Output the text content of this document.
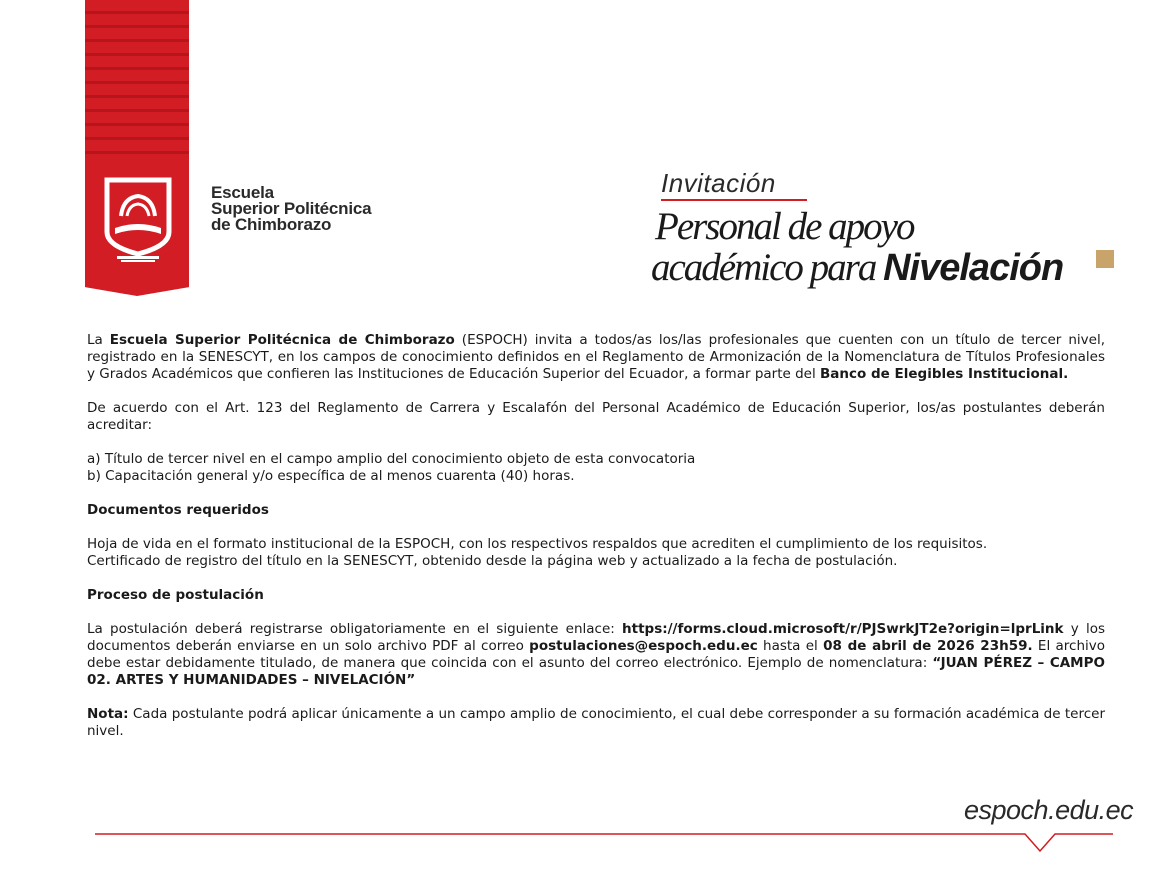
Escuela
Superior Politécnica
de Chimborazo
Invitación
Personal de apoyo
académico para Nivelación

La Escuela Superior Politécnica de Chimborazo (ESPOCH) invita a todos/as los/las profesionales que cuenten con un título de tercer nivel, registrado en la SENESCYT, en los campos de conocimiento definidos en el Reglamento de Armonización de la Nomenclatura de Títulos Profesionales y Grados Académicos que confieren las Instituciones de Educación Superior del Ecuador, a formar parte del Banco de Elegibles Institucional.

De acuerdo con el Art. 123 del Reglamento de Carrera y Escalafón del Personal Académico de Educación Superior, los/as postulantes deberán acreditar:

a) Título de tercer nivel en el campo amplio del conocimiento objeto de esta convocatoria

b) Capacitación general y/o específica de al menos cuarenta (40) horas.

Documentos requeridos

Hoja de vida en el formato institucional de la ESPOCH, con los respectivos respaldos que acrediten el cumplimiento de los requisitos.

Certificado de registro del título en la SENESCYT, obtenido desde la página web y actualizado a la fecha de postulación.

Proceso de postulación

La postulación deberá registrarse obligatoriamente en el siguiente enlace: https://forms.cloud.microsoft/r/PJSwrkJT2e?origin=lprLink y los documentos deberán enviarse en un solo archivo PDF al correo postulaciones@espoch.edu.ec hasta el 08 de abril de 2026 23h59. El archivo debe estar debidamente titulado, de manera que coincida con el asunto del correo electrónico. Ejemplo de nomenclatura: “JUAN PÉREZ – CAMPO 02. ARTES Y HUMANIDADES – NIVELACIÓN”

Nota: Cada postulante podrá aplicar únicamente a un campo amplio de conocimiento, el cual debe corresponder a su formación académica de tercer nivel.

espoch.edu.ec
